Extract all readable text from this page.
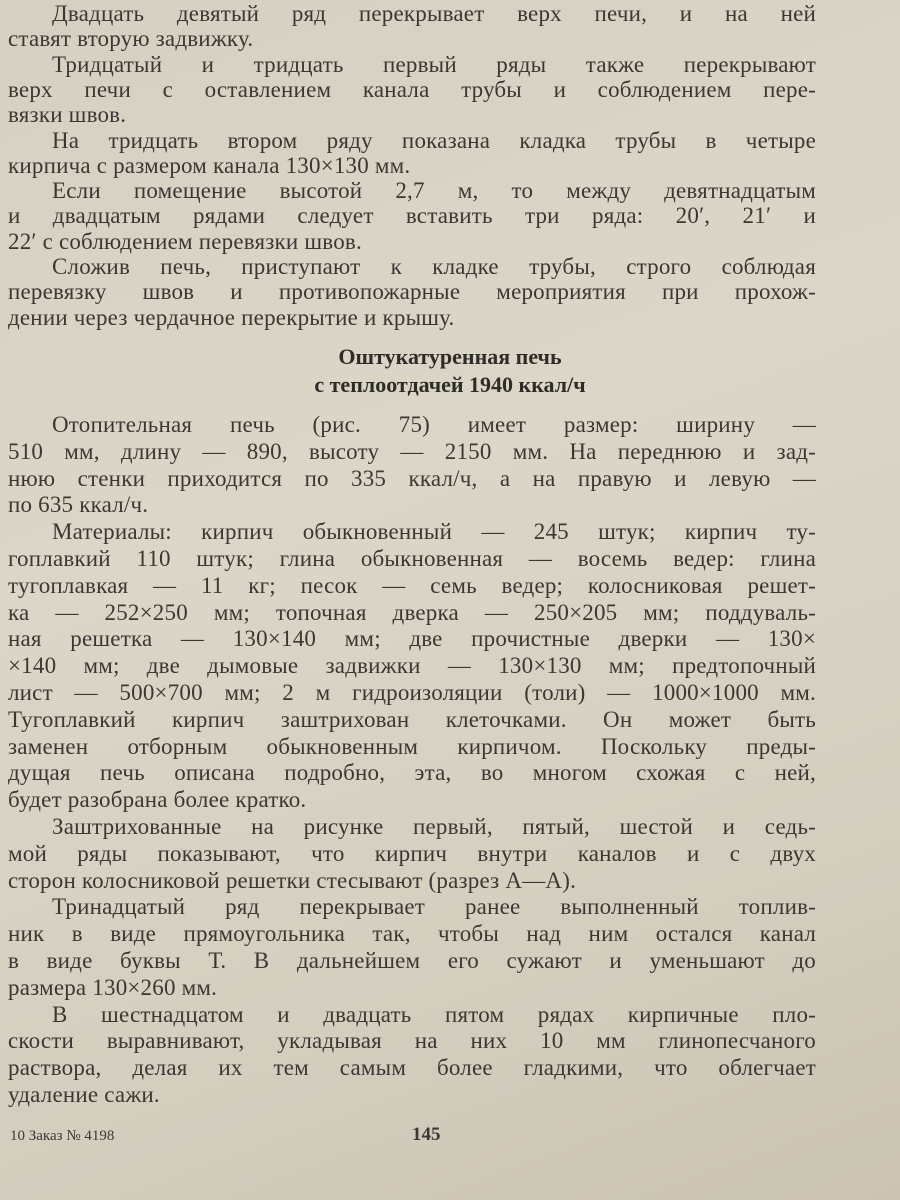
Оштукатуренная печь
с теплоотдачей 1940 ккал/ч
10 Заказ № 4198	145
Двадцать девятый ряд перекрывает верх печи, и на ней
ставят вторую задвижку.
Тридцатый и тридцать первый ряды также перекрывают
верх печи с оставлением канала трубы и соблюдением пере-
вязки швов.
На тридцать втором ряду показана кладка трубы в четыре
кирпича с размером канала 130×130 мм.
Если помещение высотой 2,7 м, то между девятнадцатым
и двадцатым рядами следует вставить три ряда: 20′, 21′ и
22′ с соблюдением перевязки швов.
Сложив печь, приступают к кладке трубы, строго соблюдая
перевязку швов и противопожарные мероприятия при прохож-
дении через чердачное перекрытие и крышу.
Отопительная печь (рис. 75) имеет размер: ширину —
510 мм, длину — 890, высоту — 2150 мм. На переднюю и зад-
нюю стенки приходится по 335 ккал/ч, а на правую и левую —
по 635 ккал/ч.
Материалы: кирпич обыкновенный — 245 штук; кирпич ту-
гоплавкий 110 штук; глина обыкновенная — восемь ведер: глина
тугоплавкая — 11 кг; песок — семь ведер; колосниковая решет-
ка — 252×250 мм; топочная дверка — 250×205 мм; поддуваль-
ная решетка — 130×140 мм; две прочистные дверки — 130×
×140 мм; две дымовые задвижки — 130×130 мм; предтопочный
лист — 500×700 мм; 2 м гидроизоляции (толи) — 1000×1000 мм.
Тугоплавкий кирпич заштрихован клеточками. Он может быть
заменен отборным обыкновенным кирпичом. Поскольку преды-
дущая печь описана подробно, эта, во многом схожая с ней,
будет разобрана более кратко.
Заштрихованные на рисунке первый, пятый, шестой и седь-
мой ряды показывают, что кирпич внутри каналов и с двух
сторон колосниковой решетки стесывают (разрез А—А).
Тринадцатый ряд перекрывает ранее выполненный топлив-
ник в виде прямоугольника так, чтобы над ним остался канал
в виде буквы Т. В дальнейшем его сужают и уменьшают до
размера 130×260 мм.
В шестнадцатом и двадцать пятом рядах кирпичные пло-
скости выравнивают, укладывая на них 10 мм глинопесчаного
раствора, делая их тем самым более гладкими, что облегчает
удаление сажи.
